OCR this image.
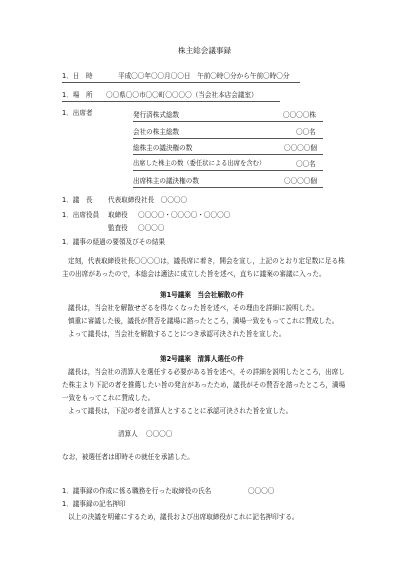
株主総会議事録
1．日　時	平成〇〇年〇〇月〇〇日　午前〇時〇分から午前〇時〇分
1．場　所 〇〇県〇〇市〇〇町〇〇〇〇（当会社本店会議室）
1．出席者	発行済株式総数	〇〇〇〇株
会社の株主総数	〇〇名
総株主の議決権の数	〇〇〇〇個
出席した株主の数（委任状による出席を含む）	〇〇名
出席株主の議決権の数	〇〇〇〇個
1．議　長 代表取締役社長　〇〇〇〇
1．出席役員 取締役 〇〇〇〇・〇〇〇〇・〇〇〇〇
監査役 〇〇〇〇
1．議事の経過の要領及びその結果
定刻，代表取締役社長〇〇〇〇は，議長席に着き，開会を宣し，上記のとおり定足数に足る株
主の出席があったので，本総会は適法に成立した旨を述べ，直ちに議案の審議に入った。
第1号議案　当会社解散の件
議長は，当会社を解散せざるを得なくなった旨を述べ，その理由を詳細に説明した。
慎重に審議した後，議長が賛否を議場に諮ったところ，満場一致をもってこれに賛成した。
よって議長は，当会社を解散することにつき承認可決された旨を宣した。
第2号議案　清算人選任の件
議長は，当会社の清算人を選任する必要がある旨を述べ，その詳細を説明したところ，出席し
た株主より下記の者を推薦したい旨の発言があったため，議長がその賛否を諮ったところ，満場
一致をもってこれに賛成した。
よって議長は，下記の者を清算人とすることに承認可決された旨を宣した。
清算人 〇〇〇〇
なお，被選任者は即時その就任を承諾した。
1．議事録の作成に係る職務を行った取締役の氏名	〇〇〇〇
1．議事録の記名押印
以上の決議を明確にするため，議長および出席取締役がこれに記名押印する。
